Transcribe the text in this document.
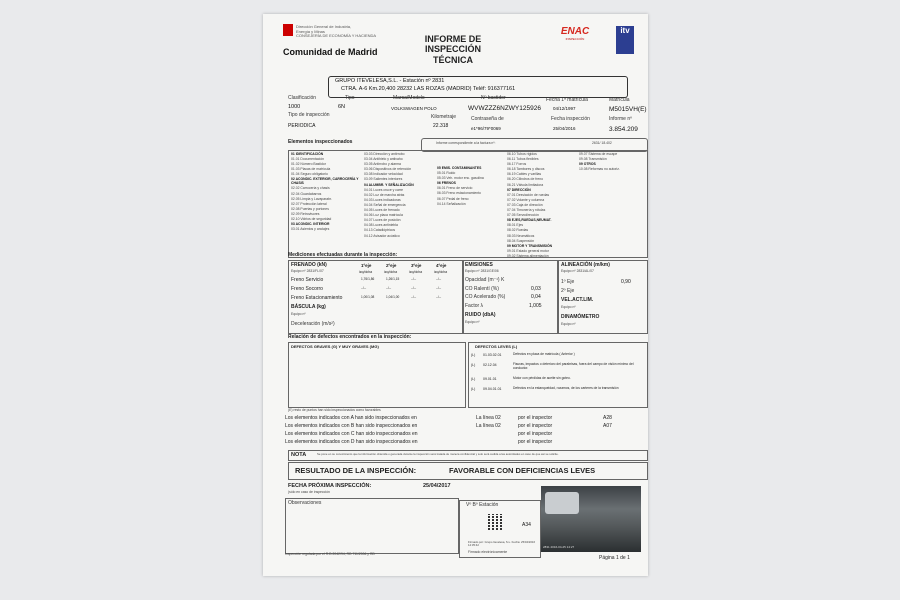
Dirección General de Industria,
Energía y Minas
CONSEJERÍA DE ECONOMÍA Y HACIENDA
Comunidad de Madrid
INFORME DE
INSPECCIÓN TÉCNICA
ENAC
INSPECCIÓN
itv
GRUPO ITEVELESA,S.L. - Estación nº 2831
CTRA. A-6 Km.20,400 28232 LAS ROZAS (MADRID) Teléf: 916377161
Clasificación
1000
Tipo
6N
Marca/Modelo
VOLKSWAGEN POLO
Nº bastidor
WVWZZZ6NZWY125926
Fecha 1ª matrícula
04/12/1997
Matrícula
M5015VH(E)
Tipo de inspección
PERIODICA
Kilometraje
22.318
Contraseña de
e1*96/79*0069
Fecha inspección
25/04/2016
Informe nº
3.854.209
Elementos inspeccionados	Informe correspondiente a la factura nº:	2631/ 18.402
01 IDENTIFICACIÓN
01.01 Documentación
01.02 Número Bastidor
01.03 Placas de matrícula
01.04 Seguro obligatorio
02 ACONDIC. EXTERIOR, CARROCERÍA Y CHASIS
02.02 Carrocería y chasis
02.04 Guardabarros
02.05 Limpia y Lavaparabr.
02.07 Protección lateral
02.08 Puertas y portones
02.09 Retrovisores
02.10 Vidrios de seguridad
03 ACONDIC. INTERIOR
03.01 Asientos y anclajes
03.03 Dirección y antirrobo
03.04 Antihielo y antivaho
03.05 Antirrobo y alarma
03.06 Dispositivos de retención
03.08 Indicador velocidad
03.09 Salientes interiores
04 ALUMBR. Y SEÑALIZACIÓN
04.01 Luces cruce y carre
04.02 Luz de marcha atrás
04.03 Luces indicadoras
04.04 Señal de emergencia
04.05 Luces de frenado
04.06 Luz placa matrícula
04.07 Luces de posición
04.08 Luces antiniebla
04.13 Catadióptricos
04.12 Avisador acústico
05 EMIS. CONTAMINANTES
05.01 Ruido
05.03 Veh. motor enc. gasolina
06 FRENOS
06.01 Freno de servicio
06.03 Freno estacionamiento
06.07 Pedal de freno
04.14 Señalización
06.10 Tubos rígidos
06.11 Tubos flexibles
06.17 Forros
06.18 Tambores y discos
06.19 Cables y varillas
06.20 Cilindros de freno
06.21 Válvula limitadora
07 DIRECCIÓN
07.01 Desviación de ruedas
07.02 Volante y columna
07.03 Caja de dirección
07.04 Timonería y rótulas
07.05 Servodirección
08 EJES,RUEDAS,NEUMAT.
08.01 Ejes
08.02 Ruedas
08.03 Neumáticos
08.04 Suspensión
09 MOTOR Y TRANSMISIÓN
09.01 Estado general motor
09.02 Sistema alimentación
09.07 Sistema de escape
09.08 Transmisión
09 OTROS
10.08 Reformas no autoriz.
Mediciones efectuadas durante la inspección:
FRENADO (kN)
Equipo nº 2831/FL/07
1ºeje
izq/dcha
2ºeje
izq/dcha
3ºeje
izq/dcha
4ºeje
izq/dcha
Freno Servicio	1,76/1,86	1,26/1,15	--/--	--/--
Freno Socorro	--/--	--/--	--/--	--/--
Freno Estacionamiento	1,00/1,08	1,04/1,00	--/--	--/--
BÁSCULA (kg)
Equipo nº
Deceleración (m/s²)
EMISIONES
Equipo nº 2831/GE/06
Opacidad (m⁻¹) K
CO Ralentí (%)	0,03
CO Acelerado (%)	0,04
Factor λ	1,005
RUIDO (dbA)
Equipo nº
ALINEACIÓN (m/km)
Equipo nº 2831/AL/07
1º Eje	0,90
2º Eje
VEL.ACT.LIM.
Equipo nº
DINAMÓMETRO
Equipo nº
Relación de defectos encontrados en la inspección:
DEFECTOS GRAVES (G) Y MUY GRAVES (MG)	DEFECTOS LEVES (L)
(L) 01.03.02.01	Defectos en placa de matrícula ( Anterior )
(L) 02.12.04	Fisuras, impactos o deterioro del parabrisas, fuera del campo de visión mínimo del conductor.
(L) 09.01.01	Motor con pérdidas de aceite sin goteo.
(L) 09.04.01.01	Defectos en la estanqueidad, rozamos, de los carteres de la transmisión
(E) resto de puntos han sido inspeccionados como favorables
Los elementos indicados con A han sido inspeccionados en	La línea 02	por el inspector	A28
Los elementos indicados con B han sido inspeccionados en	La línea 02	por el inspector	A07
Los elementos indicados con C han sido inspeccionados en	por el inspector
Los elementos indicados con D han sido inspeccionados en	por el inspector
NOTA	Se pone en su conocimiento que la información obtenida o generada durante la inspección será tratada de manera confidencial y solo será cedida a las autoridades en caso de que así se solicite.
RESULTADO DE LA INSPECCIÓN:	FAVORABLE CON DEFICIENCIAS LEVES
FECHA PRÓXIMA INSPECCIÓN:	25/04/2017
(sólo en caso de inspección
Observaciones	Vº Bº Estación
A34
Firmado por: Grupo Itevelesa, S.L. Fecha: 25/04/2016 14:35:42
Firmado electrónicamente
2831 2016-04-25 14:27
Inspección regulada por el R.D.2042/94, RD 711/2006 y RD
Página 1 de 1
